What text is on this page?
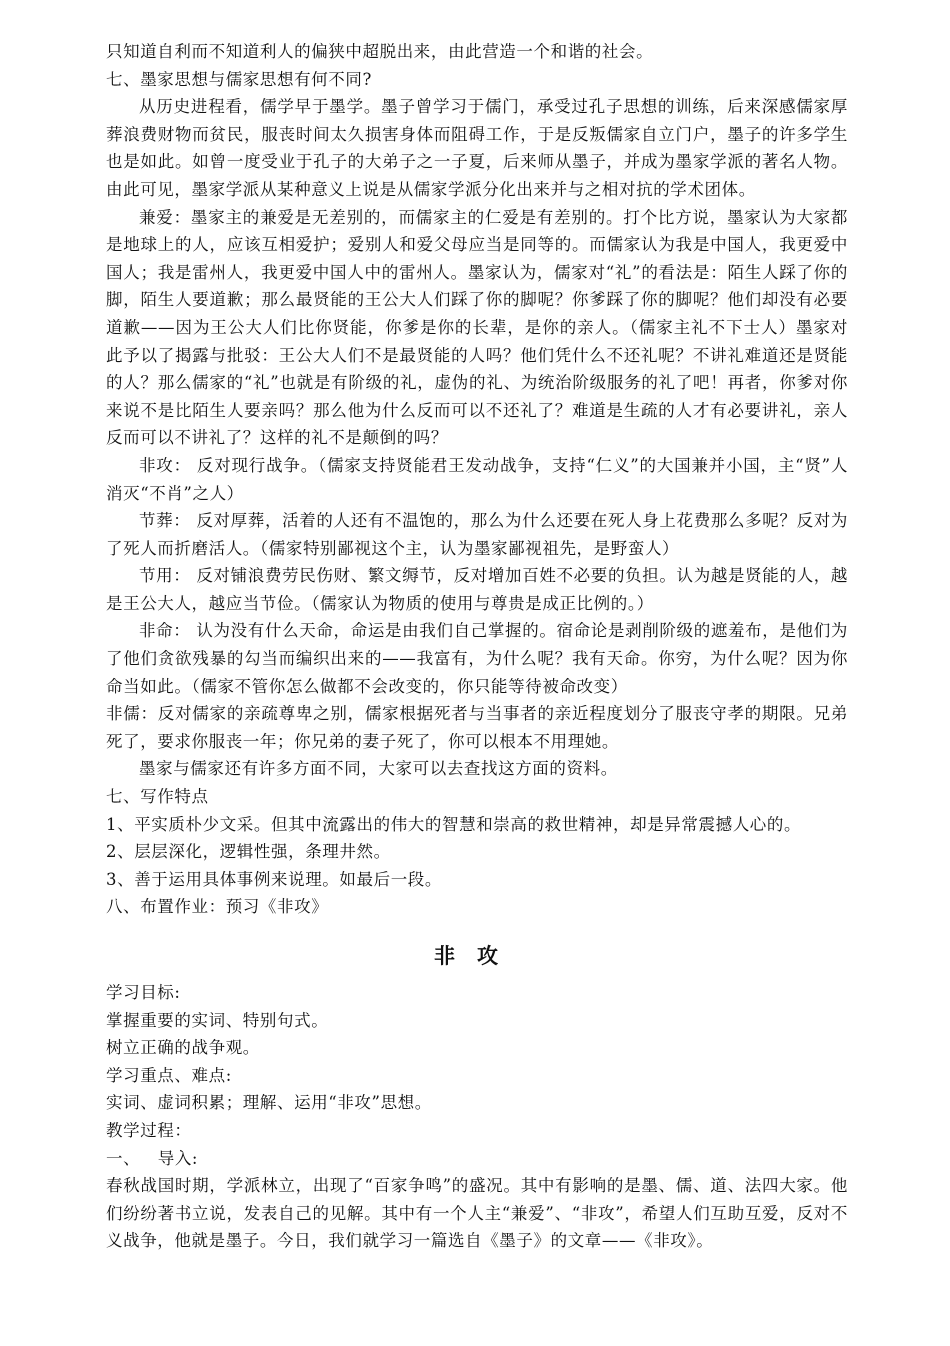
只知道自利而不知道利人的偏狭中超脱出来，由此营造一个和谐的社会。

七、墨家思想与儒家思想有何不同?

从历史进程看，儒学早于墨学。墨子曾学习于儒门，承受过孔子思想的训练，后来深感儒家厚葬浪费财物而贫民，服丧时间太久损害身体而阻碍工作，于是反叛儒家自立门户，墨子的许多学生也是如此。如曾一度受业于孔子的大弟子之一子夏，后来师从墨子，并成为墨家学派的著名人物。由此可见，墨家学派从某种意义上说是从儒家学派分化出来并与之相对抗的学术团体。

兼爱：墨家主的兼爱是无差别的，而儒家主的仁爱是有差别的。打个比方说，墨家认为大家都是地球上的人，应该互相爱护；爱别人和爱父母应当是同等的。而儒家认为我是中国人，我更爱中国人；我是雷州人，我更爱中国人中的雷州人。墨家认为，儒家对“礼”的看法是：陌生人踩了你的脚，陌生人要道歉；那么最贤能的王公大人们踩了你的脚呢？你爹踩了你的脚呢？他们却没有必要道歉——因为王公大人们比你贤能，你爹是你的长辈，是你的亲人。（儒家主礼不下士人）墨家对此予以了揭露与批驳：王公大人们不是最贤能的人吗？他们凭什么不还礼呢？不讲礼难道还是贤能的人？那么儒家的“礼”也就是有阶级的礼，虚伪的礼、为统治阶级服务的礼了吧！再者，你爹对你来说不是比陌生人要亲吗？那么他为什么反而可以不还礼了？难道是生疏的人才有必要讲礼，亲人反而可以不讲礼了？这样的礼不是颠倒的吗？

非攻： 反对现行战争。（儒家支持贤能君王发动战争，支持“仁义”的大国兼并小国，主“贤”人消灭“不肖”之人）

节葬： 反对厚葬，活着的人还有不温饱的，那么为什么还要在死人身上花费那么多呢？反对为了死人而折磨活人。（儒家特别鄙视这个主，认为墨家鄙视祖先，是野蛮人）

节用： 反对铺浪费劳民伤财、繁文缛节，反对增加百姓不必要的负担。认为越是贤能的人，越是王公大人，越应当节俭。（儒家认为物质的使用与尊贵是成正比例的。）

非命： 认为没有什么天命，命运是由我们自己掌握的。宿命论是剥削阶级的遮羞布，是他们为了他们贪欲残暴的勾当而编织出来的——我富有，为什么呢？我有天命。你穷，为什么呢？因为你命当如此。（儒家不管你怎么做都不会改变的，你只能等待被命改变）

非儒：反对儒家的亲疏尊卑之别，儒家根据死者与当事者的亲近程度划分了服丧守孝的期限。兄弟死了，要求你服丧一年；你兄弟的妻子死了，你可以根本不用理她。

墨家与儒家还有许多方面不同，大家可以去查找这方面的资料。

七、写作特点

1、平实质朴少文采。但其中流露出的伟大的智慧和崇高的救世精神，却是异常震撼人心的。

2、层层深化，逻辑性强，条理井然。

3、善于运用具体事例来说理。如最后一段。

八、布置作业：预习《非攻》

非攻

学习目标:

掌握重要的实词、特别句式。

树立正确的战争观。

学习重点、难点:

实词、虚词积累；理解、运用“非攻”思想。

教学过程：

一、   导入:

春秋战国时期，学派林立，出现了“百家争鸣”的盛况。其中有影响的是墨、儒、道、法四大家。他们纷纷著书立说，发表自己的见解。其中有一个人主“兼爱”、“非攻”，希望人们互助互爱，反对不义战争，他就是墨子。今日，我们就学习一篇选自《墨子》的文章——《非攻》。
